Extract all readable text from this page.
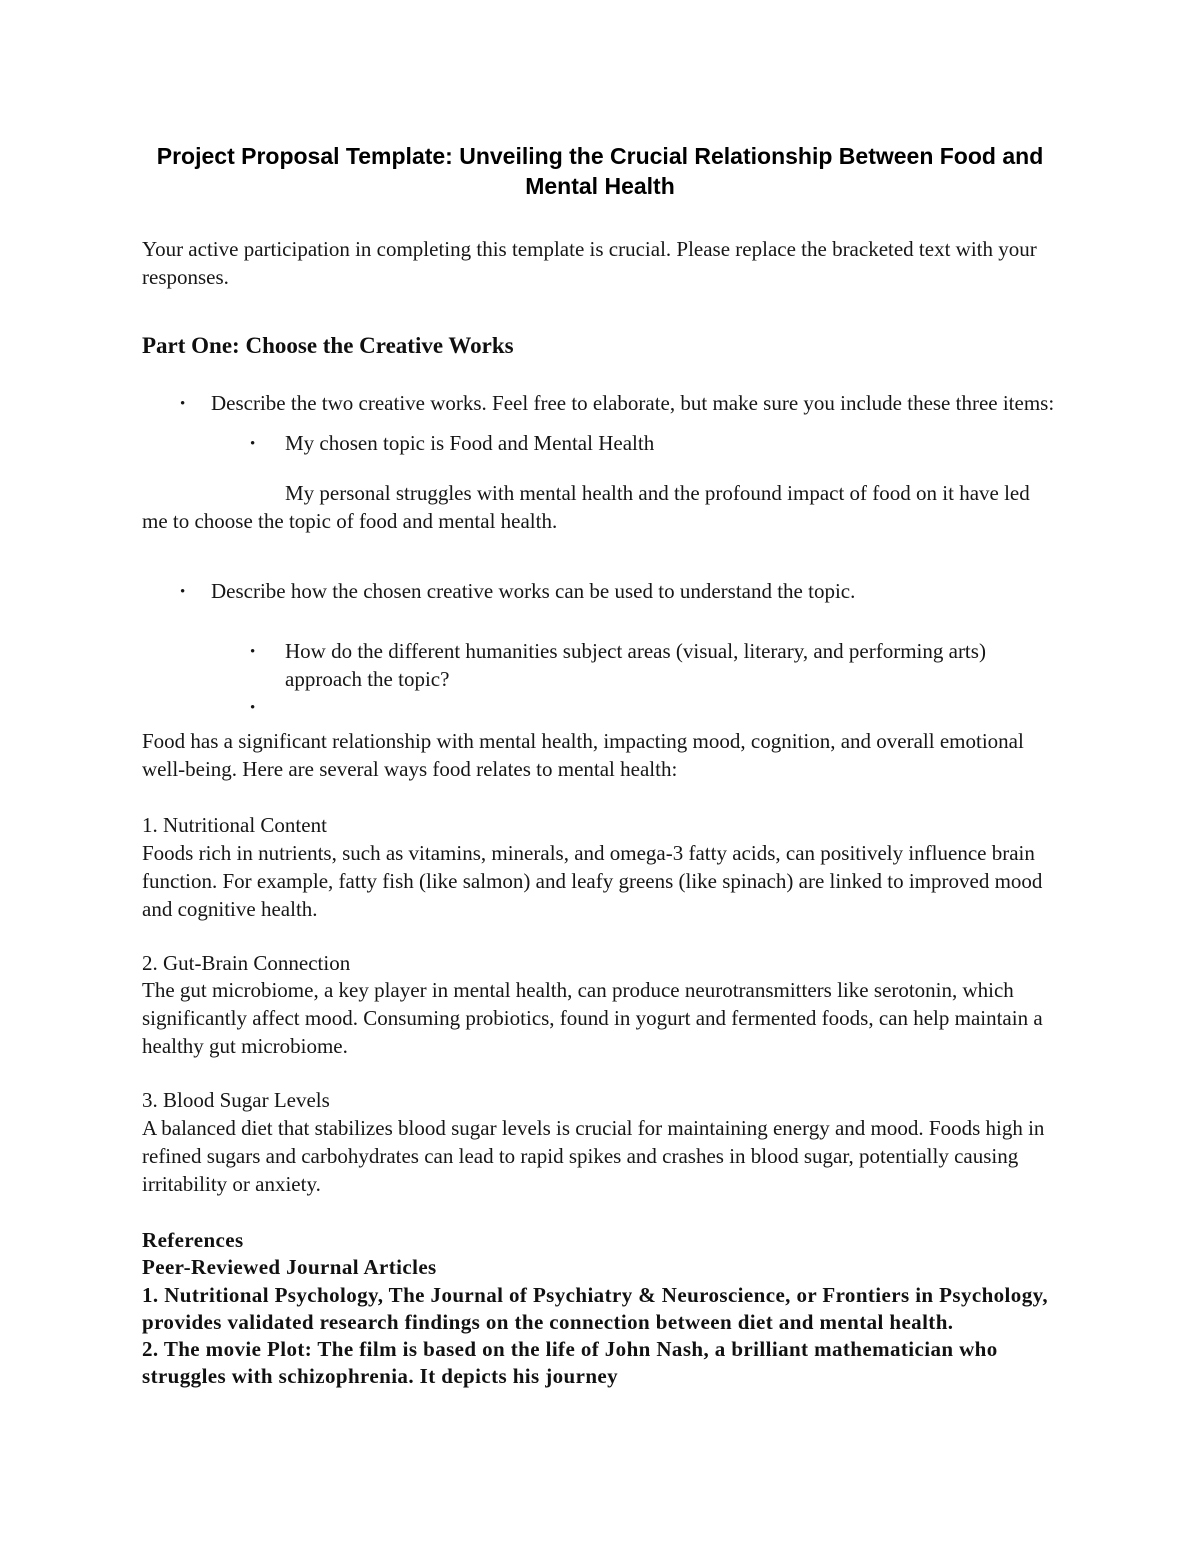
Project Proposal Template: Unveiling the Crucial Relationship Between Food and Mental Health

Your active participation in completing this template is crucial. Please replace the bracketed text with your responses.

Part One: Choose the Creative Works
•	Describe the two creative works. Feel free to elaborate, but make sure you include these three items:
•	My chosen topic is Food and Mental Health

My personal struggles with mental health and the profound impact of food on it have led me to choose the topic of food and mental health.

•	Describe how the chosen creative works can be used to understand the topic.
•	How do the different humanities subject areas (visual, literary, and performing arts) approach the topic?
•

Food has a significant relationship with mental health, impacting mood, cognition, and overall emotional well-being. Here are several ways food relates to mental health:

1. Nutritional Content
Foods rich in nutrients, such as vitamins, minerals, and omega-3 fatty acids, can positively influence brain function. For example, fatty fish (like salmon) and leafy greens (like spinach) are linked to improved mood and cognitive health.
2. Gut-Brain Connection
The gut microbiome, a key player in mental health, can produce neurotransmitters like serotonin, which significantly affect mood. Consuming probiotics, found in yogurt and fermented foods, can help maintain a healthy gut microbiome.
3. Blood Sugar Levels
A balanced diet that stabilizes blood sugar levels is crucial for maintaining energy and mood. Foods high in refined sugars and carbohydrates can lead to rapid spikes and crashes in blood sugar, potentially causing irritability or anxiety.
References
Peer-Reviewed Journal Articles
1. Nutritional Psychology, The Journal of Psychiatry & Neuroscience, or Frontiers in Psychology, provides validated research findings on the connection between diet and mental health.
2. The movie Plot: The film is based on the life of John Nash, a brilliant mathematician who struggles with schizophrenia. It depicts his journey
